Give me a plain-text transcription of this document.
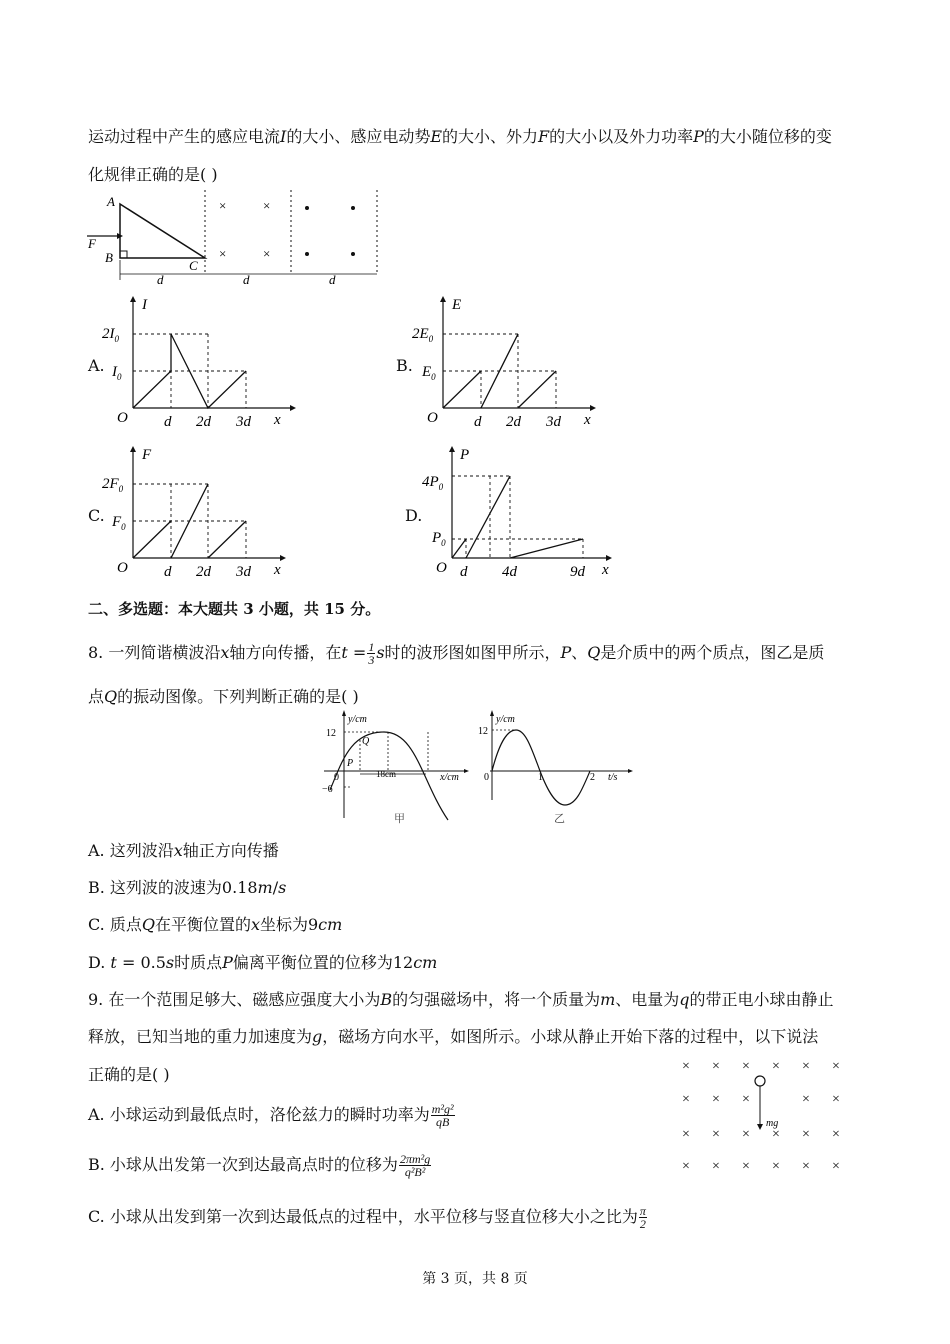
运动过程中产生的感应电流𝐼的大小、感应电动势𝐸的大小、外力𝐹的大小以及外力功率𝑃的大小随位移的变
化规律正确的是( )
A
B
C
F
×	×
×	×
d	d	d
A.
I
x
O
$2I_0$
$I_0$
d 2d 3d
B.
E
x
O
$2E_0$
$E_0$
d 2d 3d
C.
F
x
O
$2F_0$
$F_0$
d 2d 3d
D.
P
x
O
$4P_0$
$P_0$
d 4d	9d
二、多选题：本大题共 3 小题，共 15 分。
8. 一列简谐横波沿𝑥轴方向传播，在𝑡 = $\frac{1}{3}$ 𝑠时的波形图如图甲所示，𝑃、𝑄是介质中的两个质点，图乙是质
点𝑄的振动图像。下列判断正确的是( )
y/cm
x/cm
12
−6
0
P
Q
18cm
甲
y/cm
t/s
12
0	1	2
乙
A. 这列波沿𝑥轴正方向传播
B. 这列波的波速为0.18𝑚/𝑠
C. 质点𝑄在平衡位置的𝑥坐标为9𝑐𝑚
D. 𝑡 = 0.5𝑠时质点𝑃偏离平衡位置的位移为12𝑐𝑚
9. 在一个范围足够大、磁感应强度大小为𝐵的匀强磁场中，将一个质量为𝑚、电量为𝑞的带正电小球由静止
释放，已知当地的重力加速度为𝑔，磁场方向水平，如图所示。小球从静止开始下落的过程中，以下说法
正确的是( )	× × × × × ×
× × ×	× ×
× × × × × ×
× × × × × ×
mg
A. 小球运动到最低点时，洛伦兹力的瞬时功率为 $\frac{\text{m²g²}}{qB}$
B. 小球从出发第一次到达最高点时的位移为 $\frac{\text{2πm²g}}{\text{q²B²}}$
C. 小球从出发到第一次到达最低点的过程中，水平位移与竖直位移大小之比为 $\frac{\pi}{2}$
第 3 页，共 8 页
